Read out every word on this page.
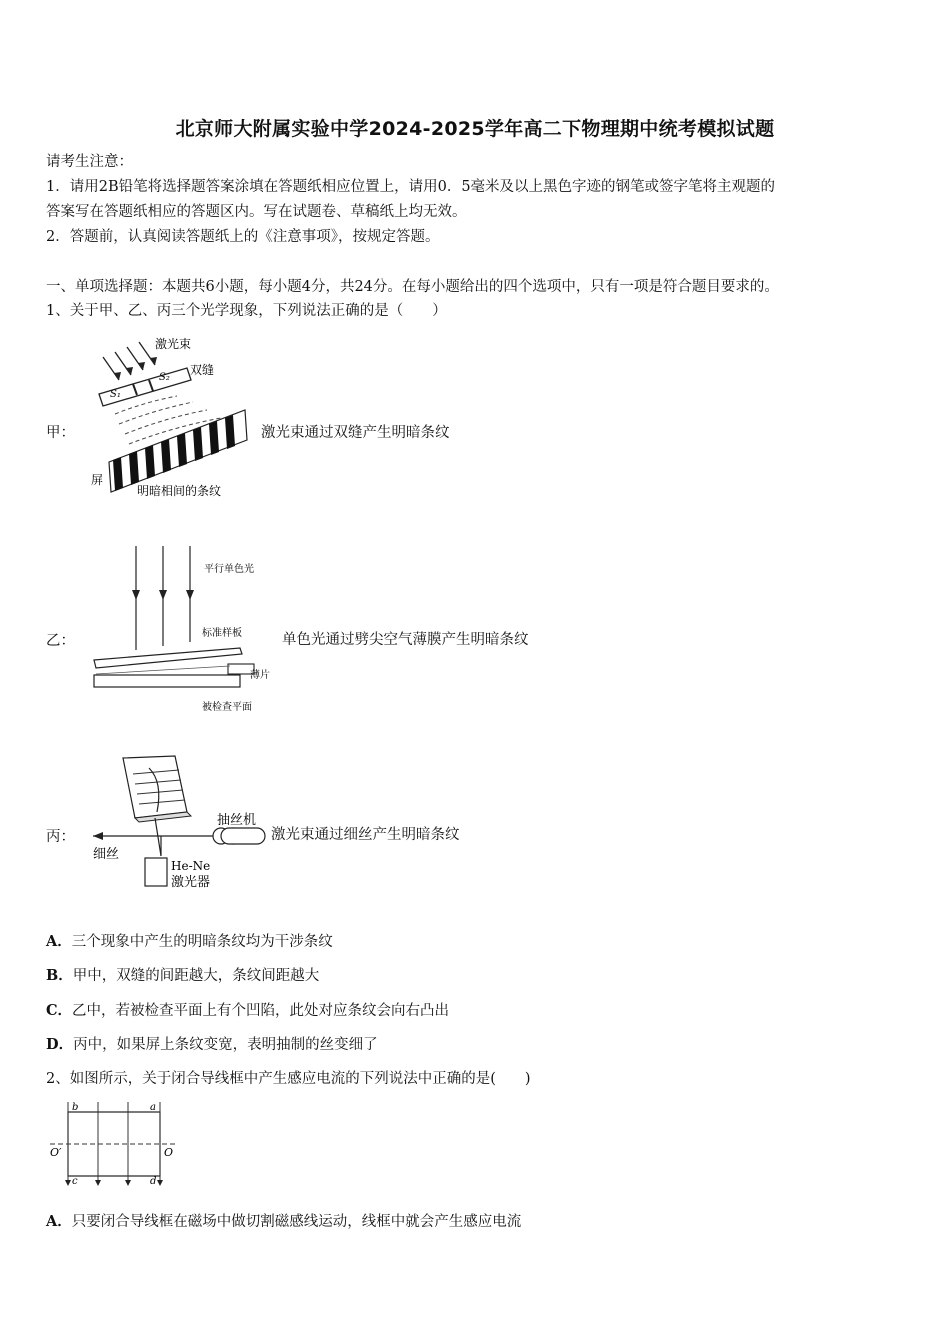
北京师大附属实验中学2024-2025学年高二下物理期中统考模拟试题
请考生注意：
1．请用2B铅笔将选择题答案涂填在答题纸相应位置上，请用0．5毫米及以上黑色字迹的钢笔或签字笔将主观题的
答案写在答题纸相应的答题区内。写在试题卷、草稿纸上均无效。
2．答题前，认真阅读答题纸上的《注意事项》，按规定答题。
一、单项选择题：本题共6小题，每小题4分，共24分。在每小题给出的四个选项中，只有一项是符合题目要求的。
1、关于甲、乙、丙三个光学现象，下列说法正确的是（　　）
甲：
S₁
S₂
激光束
双缝
屏
明暗相间的条纹
激光束通过双缝产生明暗条纹
乙：
平行单色光
标准样板
薄片
被检查平面
单色光通过劈尖空气薄膜产生明暗条纹
丙：
抽丝机
细丝
He-Ne
激光器
激光束通过细丝产生明暗条纹
A．三个现象中产生的明暗条纹均为干涉条纹
B．甲中，双缝的间距越大，条纹间距越大
C．乙中，若被检查平面上有个凹陷，此处对应条纹会向右凸出
D．丙中，如果屏上条纹变宽，表明抽制的丝变细了
2、如图所示，关于闭合导线框中产生感应电流的下列说法中正确的是(　　)
b	a
c	d
O′	O
A．只要闭合导线框在磁场中做切割磁感线运动，线框中就会产生感应电流
